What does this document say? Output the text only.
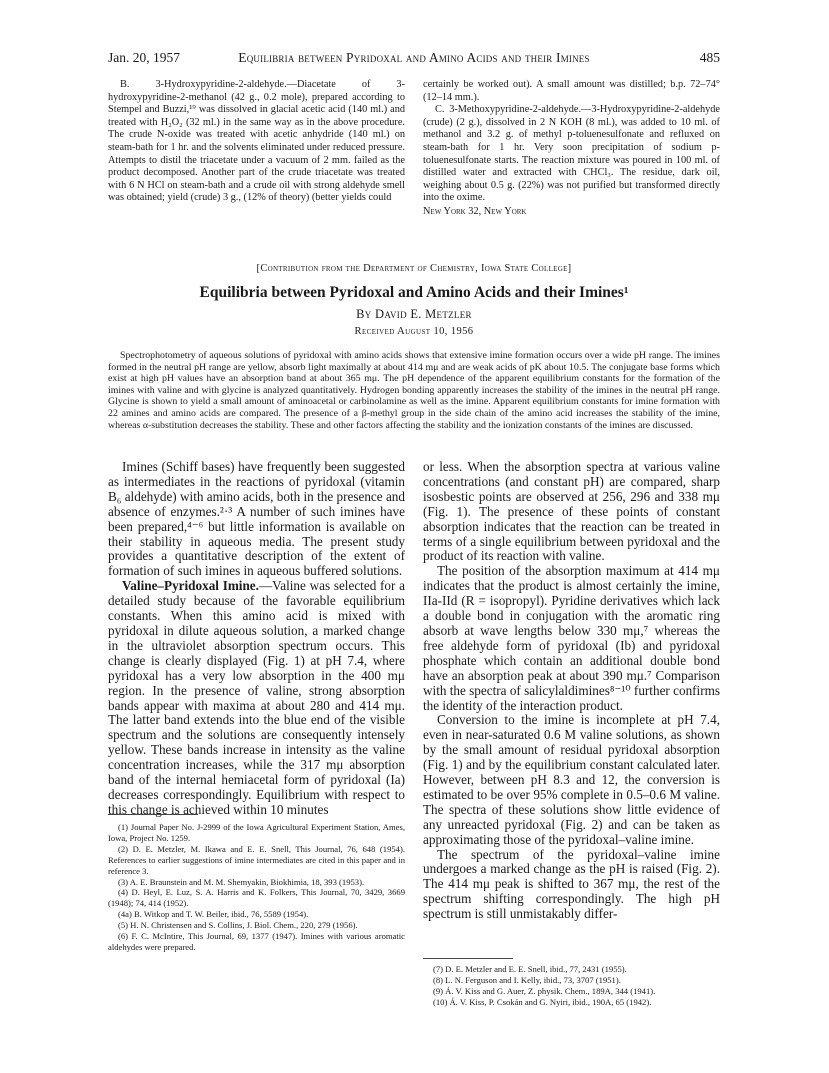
Jan. 20, 1957	Equilibria between Pyridoxal and Amino Acids and their Imines	485

B. 3-Hydroxypyridine-2-aldehyde.—Diacetate of 3-hydroxypyridine-2-methanol (42 g., 0.2 mole), prepared according to Stempel and Buzzi,¹⁹ was dissolved in glacial acetic acid (140 ml.) and treated with H₂O₂ (32 ml.) in the same way as in the above procedure. The crude N-oxide was treated with acetic anhydride (140 ml.) on steam-bath for 1 hr. and the solvents eliminated under reduced pressure. Attempts to distil the triacetate under a vacuum of 2 mm. failed as the product decomposed. Another part of the crude triacetate was treated with 6 N HCl on steam-bath and a crude oil with strong aldehyde smell was obtained; yield (crude) 3 g., (12% of theory) (better yields could

certainly be worked out). A small amount was distilled; b.p. 72–74° (12–14 mm.).

C. 3-Methoxypyridine-2-aldehyde.—3-Hydroxypyridine-2-aldehyde (crude) (2 g.), dissolved in 2 N KOH (8 ml.), was added to 10 ml. of methanol and 3.2 g. of methyl p-toluenesulfonate and refluxed on steam-bath for 1 hr. Very soon precipitation of sodium p-toluenesulfonate starts. The reaction mixture was poured in 100 ml. of distilled water and extracted with CHCl₃. The residue, dark oil, weighing about 0.5 g. (22%) was not purified but transformed directly into the oxime.

New York 32, New York

[Contribution from the Department of Chemistry, Iowa State College]
Equilibria between Pyridoxal and Amino Acids and their Imines¹
By David E. Metzler
Received August 10, 1956

Spectrophotometry of aqueous solutions of pyridoxal with amino acids shows that extensive imine formation occurs over a wide pH range. The imines formed in the neutral pH range are yellow, absorb light maximally at about 414 mμ and are weak acids of pK about 10.5. The conjugate base forms which exist at high pH values have an absorption band at about 365 mμ. The pH dependence of the apparent equilibrium constants for the formation of the imines with valine and with glycine is analyzed quantitatively. Hydrogen bonding apparently increases the stability of the imines in the neutral pH range. Glycine is shown to yield a small amount of aminoacetal or carbinolamine as well as the imine. Apparent equilibrium constants for imine formation with 22 amines and amino acids are compared. The presence of a β-methyl group in the side chain of the amino acid increases the stability of the imine, whereas α-substitution decreases the stability. These and other factors affecting the stability and the ionization constants of the imines are discussed.

Imines (Schiff bases) have frequently been suggested as intermediates in the reactions of pyridoxal (vitamin B₆ aldehyde) with amino acids, both in the presence and absence of enzymes.²·³ A number of such imines have been prepared,⁴⁻⁶ but little information is available on their stability in aqueous media. The present study provides a quantitative description of the extent of formation of such imines in aqueous buffered solutions.

Valine–Pyridoxal Imine.—Valine was selected for a detailed study because of the favorable equilibrium constants. When this amino acid is mixed with pyridoxal in dilute aqueous solution, a marked change in the ultraviolet absorption spectrum occurs. This change is clearly displayed (Fig. 1) at pH 7.4, where pyridoxal has a very low absorption in the 400 mμ region. In the presence of valine, strong absorption bands appear with maxima at about 280 and 414 mμ. The latter band extends into the blue end of the visible spectrum and the solutions are consequently intensely yellow. These bands increase in intensity as the valine concentration increases, while the 317 mμ absorption band of the internal hemiacetal form of pyridoxal (Ia) decreases correspondingly. Equilibrium with respect to this change is achieved within 10 minutes

or less. When the absorption spectra at various valine concentrations (and constant pH) are compared, sharp isosbestic points are observed at 256, 296 and 338 mμ (Fig. 1). The presence of these points of constant absorption indicates that the reaction can be treated in terms of a single equilibrium between pyridoxal and the product of its reaction with valine.

The position of the absorption maximum at 414 mμ indicates that the product is almost certainly the imine, IIa-IId (R = isopropyl). Pyridine derivatives which lack a double bond in conjugation with the aromatic ring absorb at wave lengths below 330 mμ,⁷ whereas the free aldehyde form of pyridoxal (Ib) and pyridoxal phosphate which contain an additional double bond have an absorption peak at about 390 mμ.⁷ Comparison with the spectra of salicylaldimines⁸⁻¹⁰ further confirms the identity of the interaction product.

Conversion to the imine is incomplete at pH 7.4, even in near-saturated 0.6 M valine solutions, as shown by the small amount of residual pyridoxal absorption (Fig. 1) and by the equilibrium constant calculated later. However, between pH 8.3 and 12, the conversion is estimated to be over 95% complete in 0.5–0.6 M valine. The spectra of these solutions show little evidence of any unreacted pyridoxal (Fig. 2) and can be taken as approximating those of the pyridoxal–valine imine.

The spectrum of the pyridoxal–valine imine undergoes a marked change as the pH is raised (Fig. 2). The 414 mμ peak is shifted to 367 mμ, the rest of the spectrum shifting correspondingly. The high pH spectrum is still unmistakably differ-

(1) Journal Paper No. J-2999 of the Iowa Agricultural Experiment Station, Ames, Iowa, Project No. 1259.

(2) D. E. Metzler, M. Ikawa and E. E. Snell, This Journal, 76, 648 (1954). References to earlier suggestions of imine intermediates are cited in this paper and in reference 3.

(3) A. E. Braunstein and M. M. Shemyakin, Biokhimia, 18, 393 (1953).

(4) D. Heyl, E. Luz, S. A. Harris and K. Folkers, This Journal, 70, 3429, 3669 (1948); 74, 414 (1952).

(4a) B. Witkop and T. W. Beiler, ibid., 76, 5589 (1954).

(5) H. N. Christensen and S. Collins, J. Biol. Chem., 220, 279 (1956).

(6) F. C. McIntire, This Journal, 69, 1377 (1947). Imines with various aromatic aldehydes were prepared.

(7) D. E. Metzler and E. E. Snell, ibid., 77, 2431 (1955).

(8) L. N. Ferguson and I. Kelly, ibid., 73, 3707 (1951).

(9) Á. V. Kiss and G. Auer, Z. physik. Chem., 189A, 344 (1941).

(10) Á. V. Kiss, P. Csokán and G. Nyiri, ibid., 190A, 65 (1942).
